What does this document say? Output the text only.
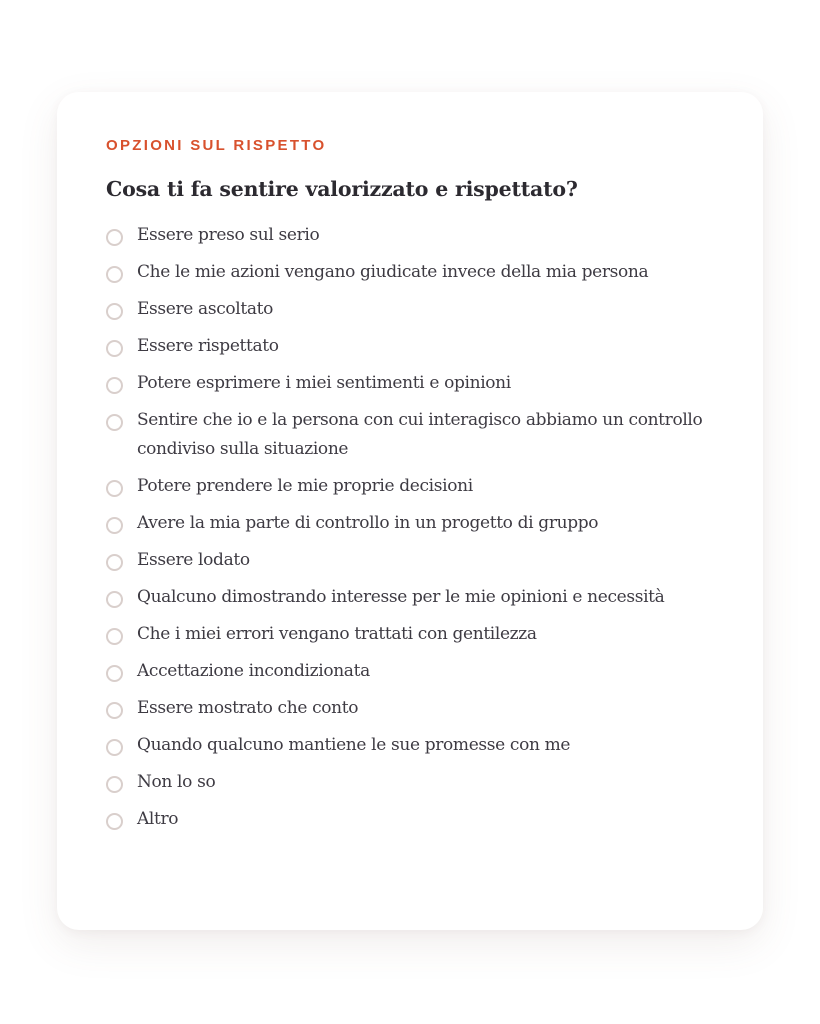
OPZIONI SUL RISPETTO

Cosa ti fa sentire valorizzato e rispettato?
Essere preso sul serio
Che le mie azioni vengano giudicate invece della mia persona
Essere ascoltato
Essere rispettato
Potere esprimere i miei sentimenti e opinioni
Sentire che io e la persona con cui interagisco abbiamo un controllo condiviso sulla situazione
Potere prendere le mie proprie decisioni
Avere la mia parte di controllo in un progetto di gruppo
Essere lodato
Qualcuno dimostrando interesse per le mie opinioni e necessità
Che i miei errori vengano trattati con gentilezza
Accettazione incondizionata
Essere mostrato che conto
Quando qualcuno mantiene le sue promesse con me
Non lo so
Altro
